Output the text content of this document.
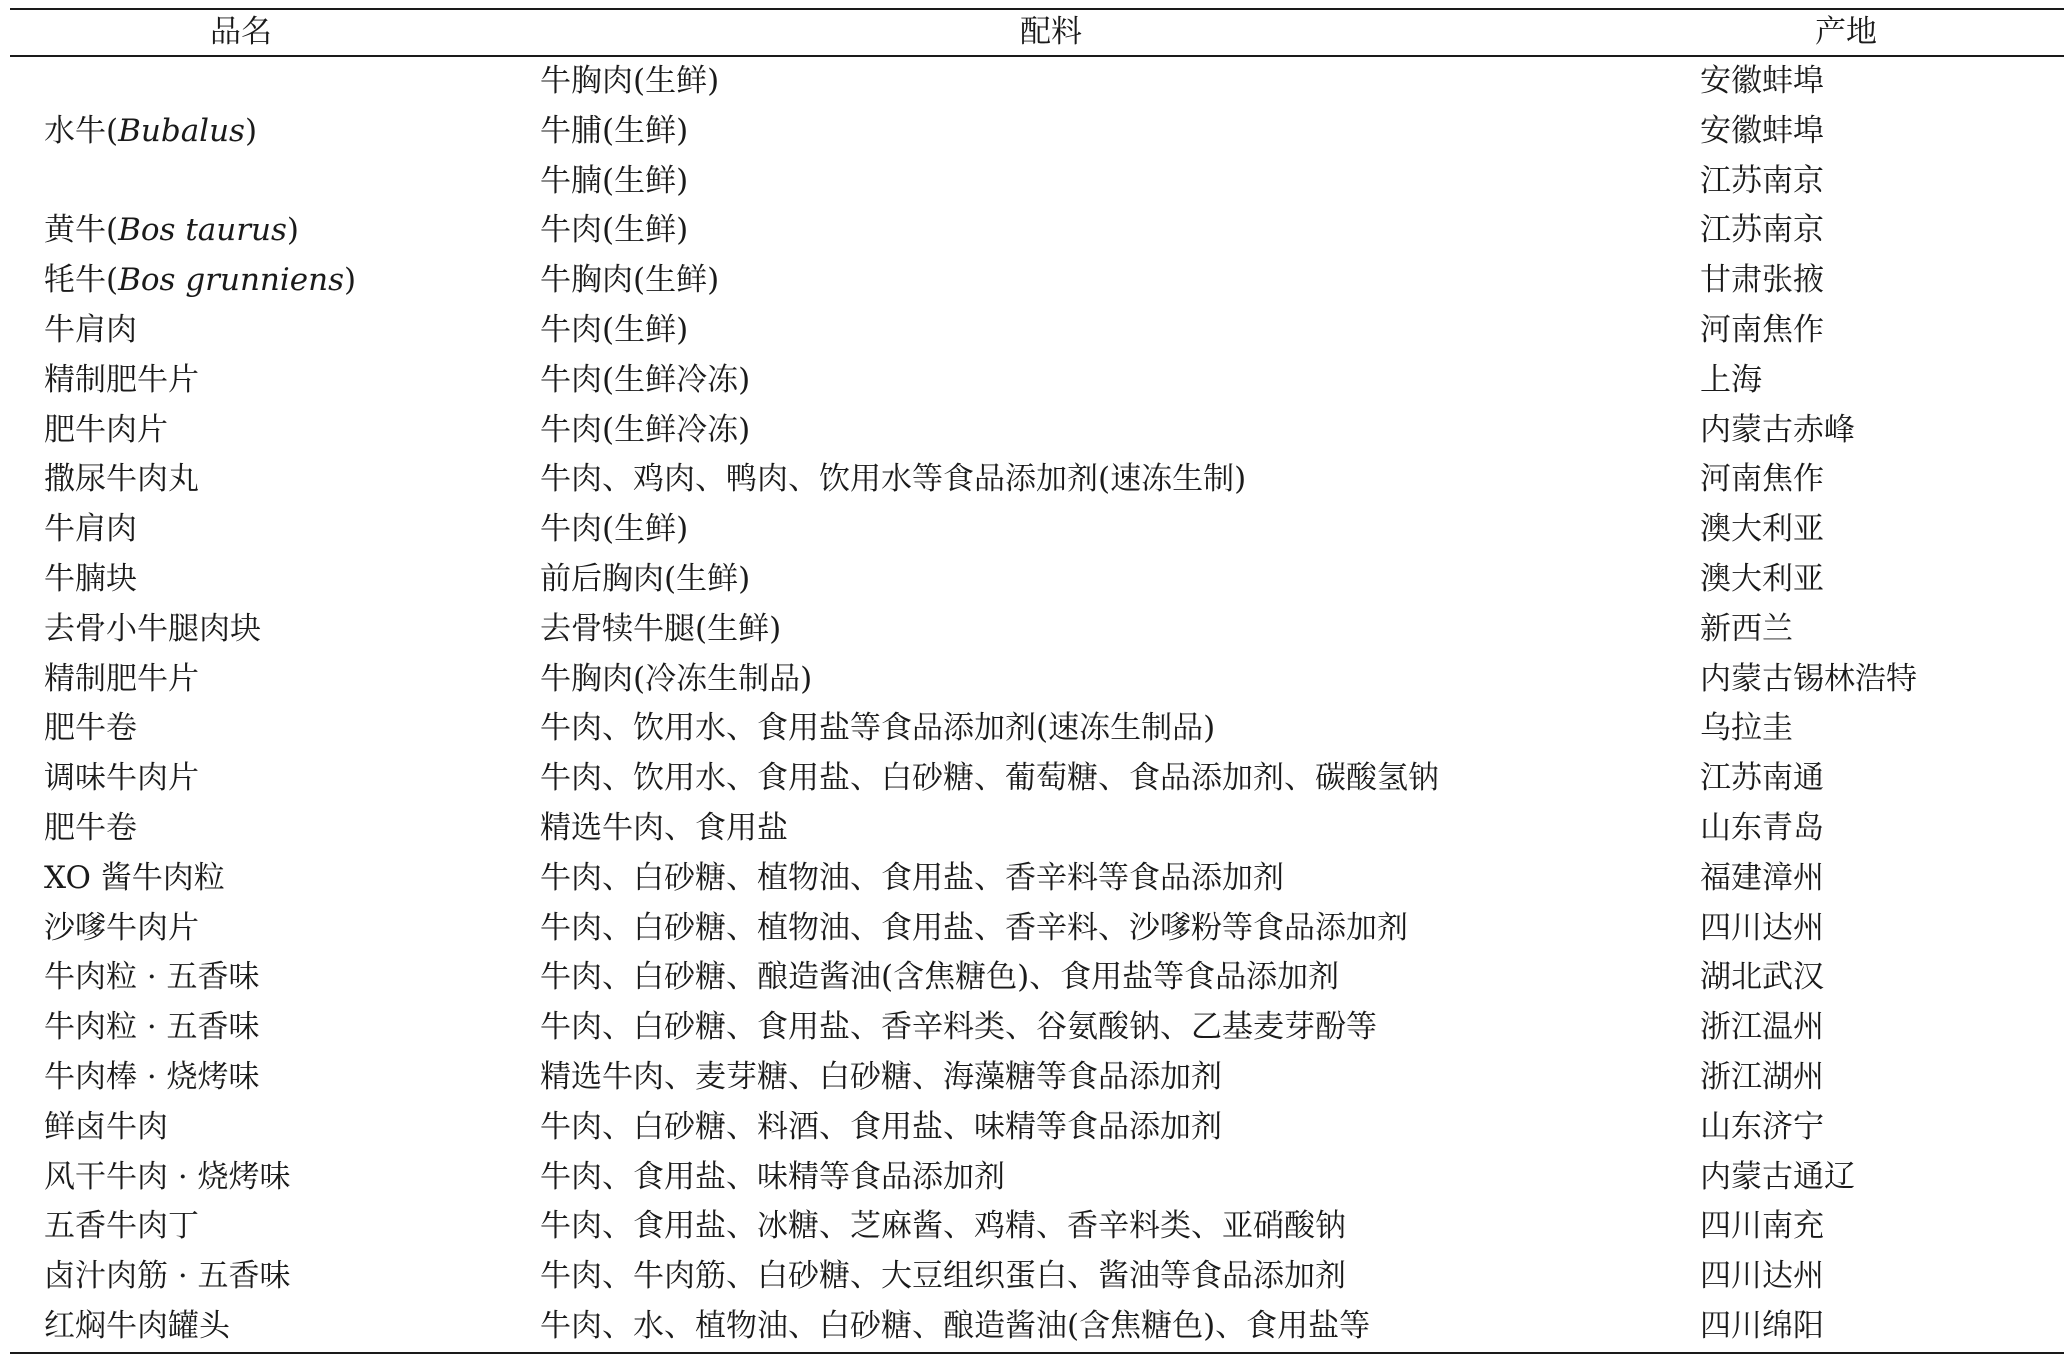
品名	配料	产地
	牛胸肉(生鲜)	安徽蚌埠
水牛(Bubalus)	牛脯(生鲜)	安徽蚌埠
	牛腩(生鲜)	江苏南京
黄牛(Bos taurus)	牛肉(生鲜)	江苏南京
牦牛(Bos grunniens)	牛胸肉(生鲜)	甘肃张掖
牛肩肉	牛肉(生鲜)	河南焦作
精制肥牛片	牛肉(生鲜冷冻)	上海
肥牛肉片	牛肉(生鲜冷冻)	内蒙古赤峰
撒尿牛肉丸	牛肉、鸡肉、鸭肉、饮用水等食品添加剂(速冻生制)	河南焦作
牛肩肉	牛肉(生鲜)	澳大利亚
牛腩块	前后胸肉(生鲜)	澳大利亚
去骨小牛腿肉块	去骨犊牛腿(生鲜)	新西兰
精制肥牛片	牛胸肉(冷冻生制品)	内蒙古锡林浩特
肥牛卷	牛肉、饮用水、食用盐等食品添加剂(速冻生制品)	乌拉圭
调味牛肉片	牛肉、饮用水、食用盐、白砂糖、葡萄糖、食品添加剂、碳酸氢钠	江苏南通
肥牛卷	精选牛肉、食用盐	山东青岛
XO 酱牛肉粒	牛肉、白砂糖、植物油、食用盐、香辛料等食品添加剂	福建漳州
沙嗲牛肉片	牛肉、白砂糖、植物油、食用盐、香辛料、沙嗲粉等食品添加剂	四川达州
牛肉粒 · 五香味	牛肉、白砂糖、酿造酱油(含焦糖色)、食用盐等食品添加剂	湖北武汉
牛肉粒 · 五香味	牛肉、白砂糖、食用盐、香辛料类、谷氨酸钠、乙基麦芽酚等	浙江温州
牛肉棒 · 烧烤味	精选牛肉、麦芽糖、白砂糖、海藻糖等食品添加剂	浙江湖州
鲜卤牛肉	牛肉、白砂糖、料酒、食用盐、味精等食品添加剂	山东济宁
风干牛肉 · 烧烤味	牛肉、食用盐、味精等食品添加剂	内蒙古通辽
五香牛肉丁	牛肉、食用盐、冰糖、芝麻酱、鸡精、香辛料类、亚硝酸钠	四川南充
卤汁肉筋 · 五香味	牛肉、牛肉筋、白砂糖、大豆组织蛋白、酱油等食品添加剂	四川达州
红焖牛肉罐头	牛肉、水、植物油、白砂糖、酿造酱油(含焦糖色)、食用盐等	四川绵阳
